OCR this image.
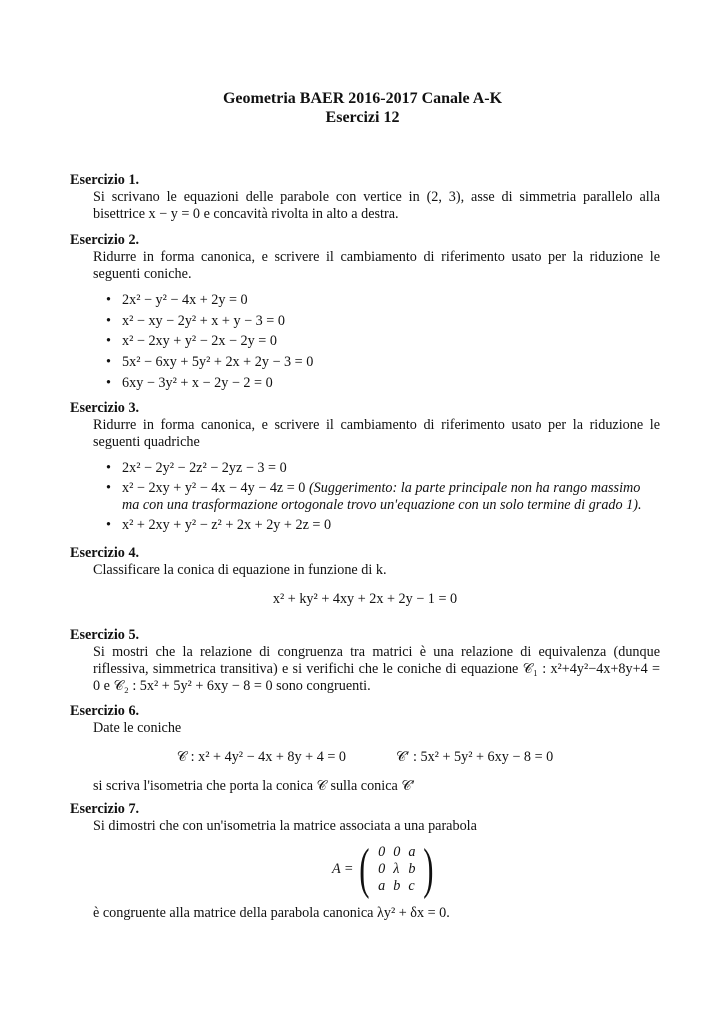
Geometria BAER 2016-2017 Canale A-K
Esercizi 12
Esercizio 1.
Si scrivano le equazioni delle parabole con vertice in (2, 3), asse di simmetria parallelo alla bisettrice x − y = 0 e concavità rivolta in alto a destra.
Esercizio 2.
Ridurre in forma canonica, e scrivere il cambiamento di riferimento usato per la riduzione le seguenti coniche.
• 2x² − y² − 4x + 2y = 0
• x² − xy − 2y² + x + y − 3 = 0
• x² − 2xy + y² − 2x − 2y = 0
• 5x² − 6xy + 5y² + 2x + 2y − 3 = 0
• 6xy − 3y² + x − 2y − 2 = 0
Esercizio 3.
Ridurre in forma canonica, e scrivere il cambiamento di riferimento usato per la riduzione le seguenti quadriche
• 2x² − 2y² − 2z² − 2yz − 3 = 0
• x² − 2xy + y² − 4x − 4y − 4z = 0 (Suggerimento: la parte principale non ha rango massimo ma con una trasformazione ortogonale trovo un'equazione con un solo termine di grado 1).
• x² + 2xy + y² − z² + 2x + 2y + 2z = 0
Esercizio 4.
Classificare la conica di equazione in funzione di k.
x² + ky² + 4xy + 2x + 2y − 1 = 0
Esercizio 5.
Si mostri che la relazione di congruenza tra matrici è una relazione di equivalenza (dunque riflessiva, simmetrica transitiva) e si verifichi che le coniche di equazione 𝒞₁ : x²+4y²−4x+8y+4 = 0 e 𝒞₂ : 5x² + 5y² + 6xy − 8 = 0 sono congruenti.
Esercizio 6.
Date le coniche
𝒞 : x² + 4y² − 4x + 8y + 4 = 0	𝒞′ : 5x² + 5y² + 6xy − 8 = 0
si scriva l'isometria che porta la conica 𝒞 sulla conica 𝒞′
Esercizio 7.
Si dimostri che con un'isometria la matrice associata a una parabola
A = ( 0	0	a
0	λ	b
a	b	c )
è congruente alla matrice della parabola canonica λy² + δx = 0.
